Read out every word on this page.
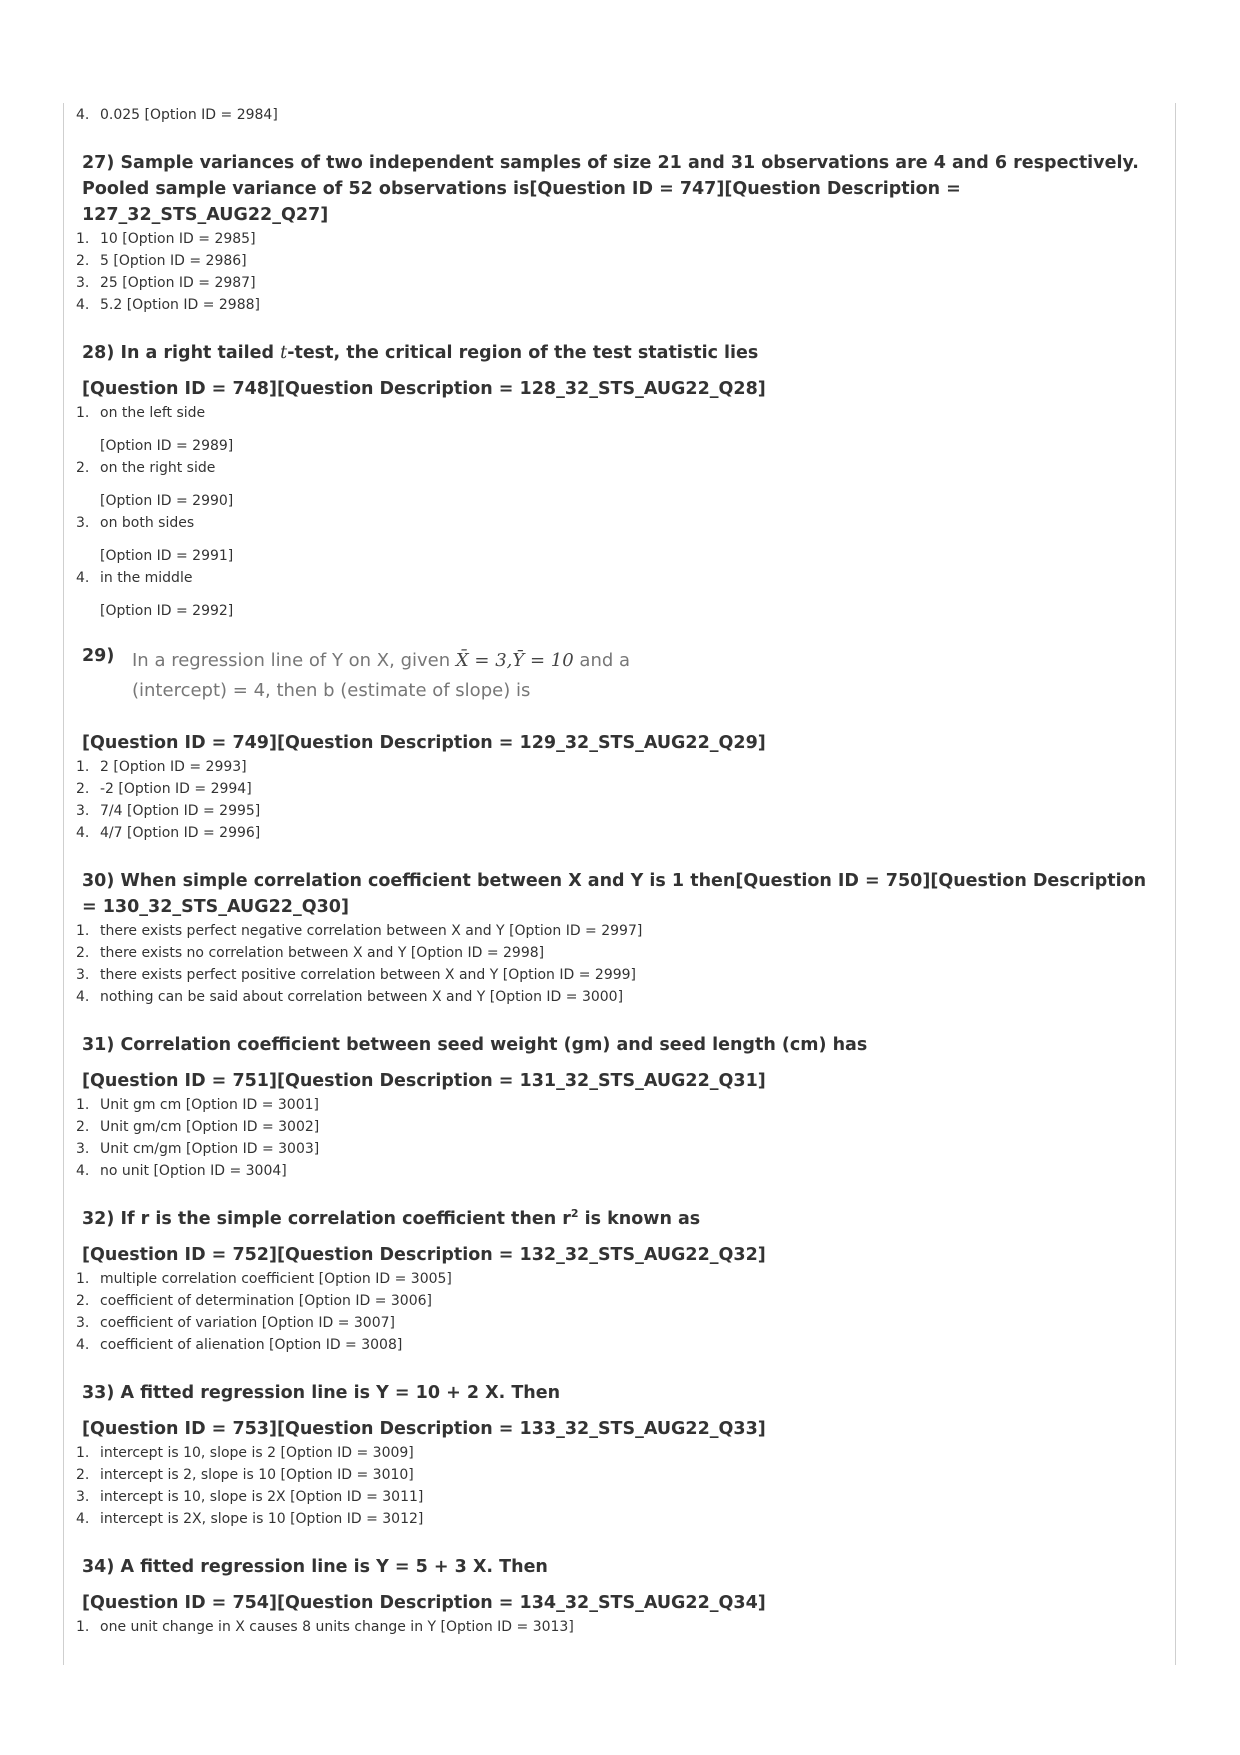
4. 0.025 [Option ID = 2984]

27) Sample variances of two independent samples of size 21 and 31 observations are 4 and 6 respectively. Pooled sample variance of 52 observations is[Question ID = 747][Question Description = 127_32_STS_AUG22_Q27]

1. 10 [Option ID = 2985]
2. 5 [Option ID = 2986]
3. 25 [Option ID = 2987]
4. 5.2 [Option ID = 2988]

28) In a right tailed t-test, the critical region of the test statistic lies

[Question ID = 748][Question Description = 128_32_STS_AUG22_Q28]

1. on the left side
[Option ID = 2989]
2. on the right side
[Option ID = 2990]
3. on both sides
[Option ID = 2991]
4. in the middle
[Option ID = 2992]
29) In a regression line of Y on X, given X̄ = 3,Ȳ = 10 and a
(intercept) = 4, then b (estimate of slope) is

[Question ID = 749][Question Description = 129_32_STS_AUG22_Q29]

1. 2 [Option ID = 2993]
2. -2 [Option ID = 2994]
3. 7/4 [Option ID = 2995]
4. 4/7 [Option ID = 2996]

30) When simple correlation coefficient between X and Y is 1 then[Question ID = 750][Question Description = 130_32_STS_AUG22_Q30]

1. there exists perfect negative correlation between X and Y [Option ID = 2997]
2. there exists no correlation between X and Y [Option ID = 2998]
3. there exists perfect positive correlation between X and Y [Option ID = 2999]
4. nothing can be said about correlation between X and Y [Option ID = 3000]

31) Correlation coefficient between seed weight (gm) and seed length (cm) has

[Question ID = 751][Question Description = 131_32_STS_AUG22_Q31]

1. Unit gm cm [Option ID = 3001]
2. Unit gm/cm [Option ID = 3002]
3. Unit cm/gm [Option ID = 3003]
4. no unit [Option ID = 3004]

32) If r is the simple correlation coefficient then $r^2$ is known as

[Question ID = 752][Question Description = 132_32_STS_AUG22_Q32]

1. multiple correlation coefficient [Option ID = 3005]
2. coefficient of determination [Option ID = 3006]
3. coefficient of variation [Option ID = 3007]
4. coefficient of alienation [Option ID = 3008]

33) A fitted regression line is Y = 10 + 2 X. Then

[Question ID = 753][Question Description = 133_32_STS_AUG22_Q33]

1. intercept is 10, slope is 2 [Option ID = 3009]
2. intercept is 2, slope is 10 [Option ID = 3010]
3. intercept is 10, slope is 2X [Option ID = 3011]
4. intercept is 2X, slope is 10 [Option ID = 3012]

34) A fitted regression line is Y = 5 + 3 X. Then

[Question ID = 754][Question Description = 134_32_STS_AUG22_Q34]

1. one unit change in X causes 8 units change in Y [Option ID = 3013]
